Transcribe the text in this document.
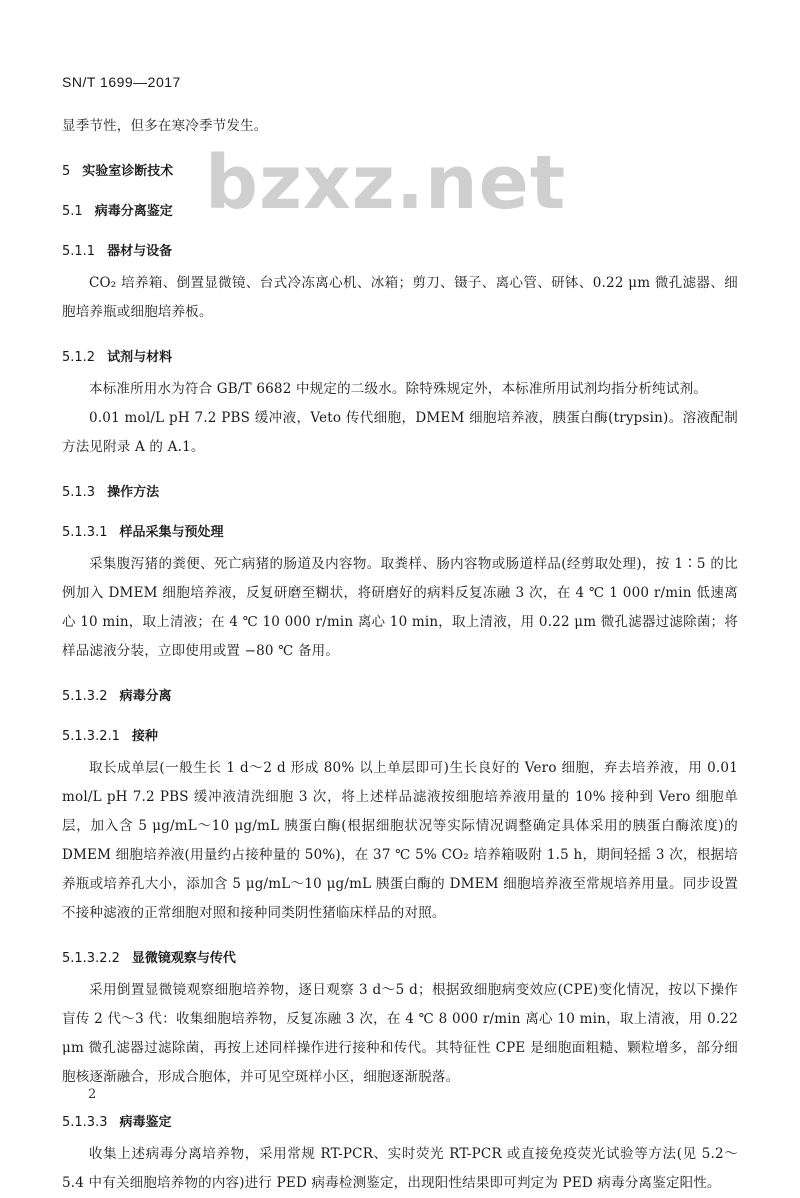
SN/T 1699—2017
bzxz.net

显季节性，但多在寒冷季节发生。

5 实验室诊断技术
5.1 病毒分离鉴定
5.1.1 器材与设备

CO₂ 培养箱、倒置显微镜、台式冷冻离心机、冰箱；剪刀、镊子、离心管、研钵、0.22 μm 微孔滤器、细胞培养瓶或细胞培养板。

5.1.2 试剂与材料

本标准所用水为符合 GB/T 6682 中规定的二级水。除特殊规定外，本标准所用试剂均指分析纯试剂。

0.01 mol/L pH 7.2 PBS 缓冲液，Veto 传代细胞，DMEM 细胞培养液，胰蛋白酶(trypsin)。溶液配制方法见附录 A 的 A.1。

5.1.3 操作方法
5.1.3.1 样品采集与预处理

采集腹泻猪的粪便、死亡病猪的肠道及内容物。取粪样、肠内容物或肠道样品(经剪取处理)，按 1∶5 的比例加入 DMEM 细胞培养液，反复研磨至糊状，将研磨好的病料反复冻融 3 次，在 4 ℃ 1 000 r/min 低速离心 10 min，取上清液；在 4 ℃ 10 000 r/min 离心 10 min，取上清液，用 0.22 μm 微孔滤器过滤除菌；将样品滤液分装，立即使用或置 −80 ℃ 备用。

5.1.3.2 病毒分离
5.1.3.2.1 接种

取长成单层(一般生长 1 d～2 d 形成 80% 以上单层即可)生长良好的 Vero 细胞，弃去培养液，用 0.01 mol/L pH 7.2 PBS 缓冲液清洗细胞 3 次，将上述样品滤液按细胞培养液用量的 10% 接种到 Vero 细胞单层，加入含 5 μg/mL～10 μg/mL 胰蛋白酶(根据细胞状况等实际情况调整确定具体采用的胰蛋白酶浓度)的 DMEM 细胞培养液(用量约占接种量的 50%)，在 37 ℃ 5% CO₂ 培养箱吸附 1.5 h，期间轻摇 3 次，根据培养瓶或培养孔大小，添加含 5 μg/mL～10 μg/mL 胰蛋白酶的 DMEM 细胞培养液至常规培养用量。同步设置不接种滤液的正常细胞对照和接种同类阴性猪临床样品的对照。

5.1.3.2.2 显微镜观察与传代

采用倒置显微镜观察细胞培养物，逐日观察 3 d～5 d；根据致细胞病变效应(CPE)变化情况，按以下操作盲传 2 代～3 代：收集细胞培养物，反复冻融 3 次，在 4 ℃ 8 000 r/min 离心 10 min，取上清液，用 0.22 μm 微孔滤器过滤除菌，再按上述同样操作进行接种和传代。其特征性 CPE 是细胞面粗糙、颗粒增多，部分细胞核逐渐融合，形成合胞体，并可见空斑样小区，细胞逐渐脱落。

5.1.3.3 病毒鉴定

收集上述病毒分离培养物，采用常规 RT-PCR、实时荧光 RT-PCR 或直接免疫荧光试验等方法(见 5.2～5.4 中有关细胞培养物的内容)进行 PED 病毒检测鉴定，出现阳性结果即可判定为 PED 病毒分离鉴定阳性。

2
